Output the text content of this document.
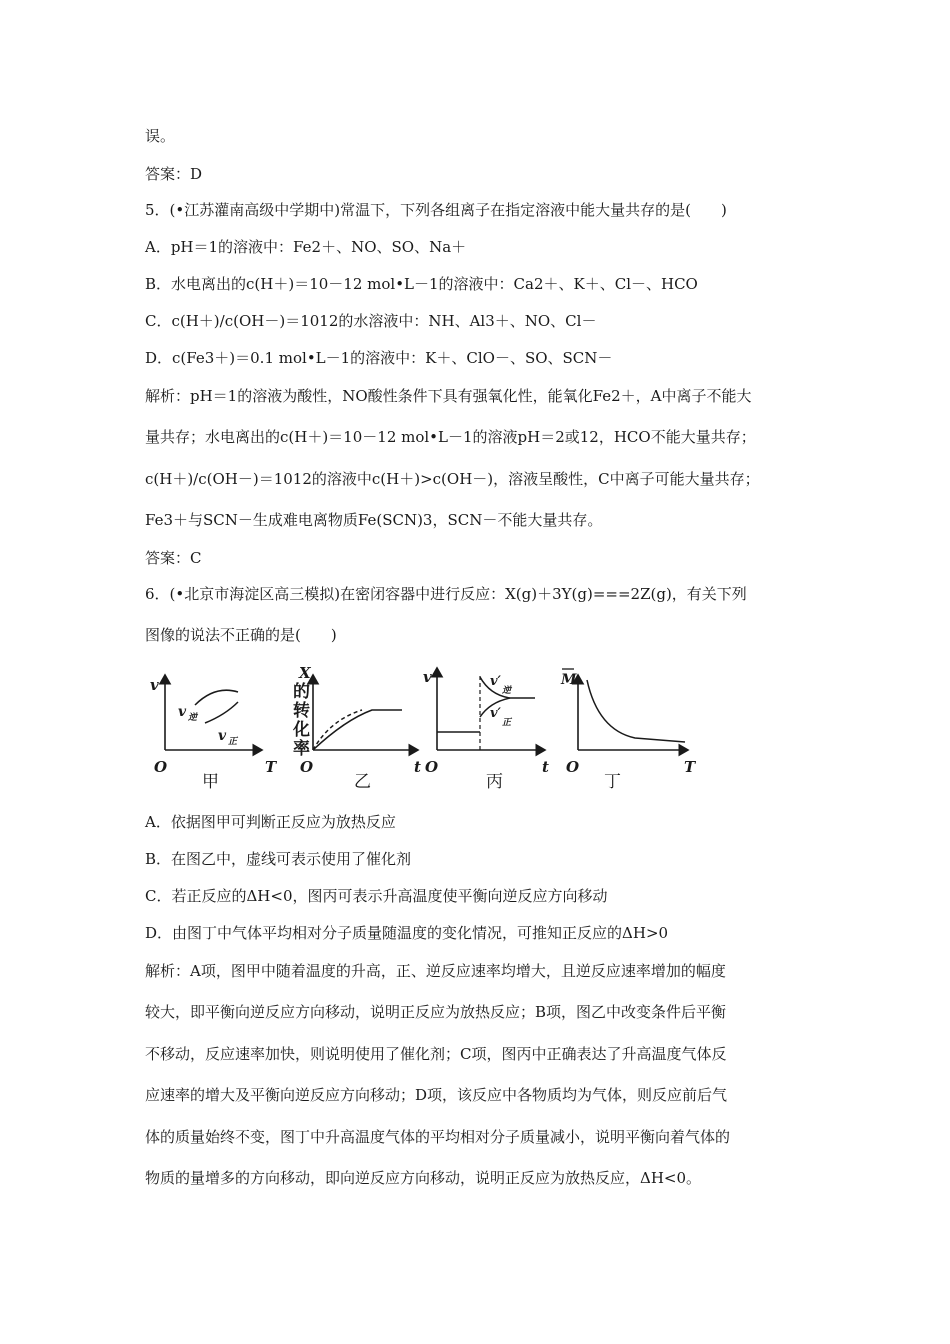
误。
答案：D
5．(•江苏灌南高级中学期中)常温下，下列各组离子在指定溶液中能大量共存的是(　　)
A．pH＝1的溶液中：Fe2＋、NO、SO、Na＋
B．水电离出的c(H＋)＝10－12 mol•L－1的溶液中：Ca2＋、K＋、Cl－、HCO
C．c(H＋)/c(OH－)＝1012的水溶液中：NH、Al3＋、NO、Cl－
D．c(Fe3＋)＝0.1 mol•L－1的溶液中：K＋、ClO－、SO、SCN－
解析：pH＝1的溶液为酸性，NO酸性条件下具有强氧化性，能氧化Fe2＋，A中离子不能大
量共存；水电离出的c(H＋)＝10－12 mol•L－1的溶液pH＝2或12，HCO不能大量共存；
c(H＋)/c(OH－)＝1012的溶液中c(H＋)>c(OH－)，溶液呈酸性，C中离子可能大量共存；
Fe3＋与SCN－生成难电离物质Fe(SCN)3，SCN－不能大量共存。
答案：C
6．(•北京市海淀区高三模拟)在密闭容器中进行反应：X(g)＋3Y(g)===2Z(g)，有关下列
图像的说法不正确的是(　　)
A．依据图甲可判断正反应为放热反应
B．在图乙中，虚线可表示使用了催化剂
C．若正反应的ΔH<0，图丙可表示升高温度使平衡向逆反应方向移动
D．由图丁中气体平均相对分子质量随温度的变化情况，可推知正反应的ΔH>0
解析：A项，图甲中随着温度的升高，正、逆反应速率均增大，且逆反应速率增加的幅度
较大，即平衡向逆反应方向移动，说明正反应为放热反应；B项，图乙中改变条件后平衡
不移动，反应速率加快，则说明使用了催化剂；C项，图丙中正确表达了升高温度气体反
应速率的增大及平衡向逆反应方向移动；D项，该反应中各物质均为气体，则反应前后气
体的质量始终不变，图丁中升高温度气体的平均相对分子质量减小，说明平衡向着气体的
物质的量增多的方向移动，即向逆反应方向移动，说明正反应为放热反应，ΔH<0。
v
T
O
v 逆
v 正
甲
X
的
转
化
率
t
O
乙
v
t
O
v′
逆
v′
正
丙
M
T
O
丁
